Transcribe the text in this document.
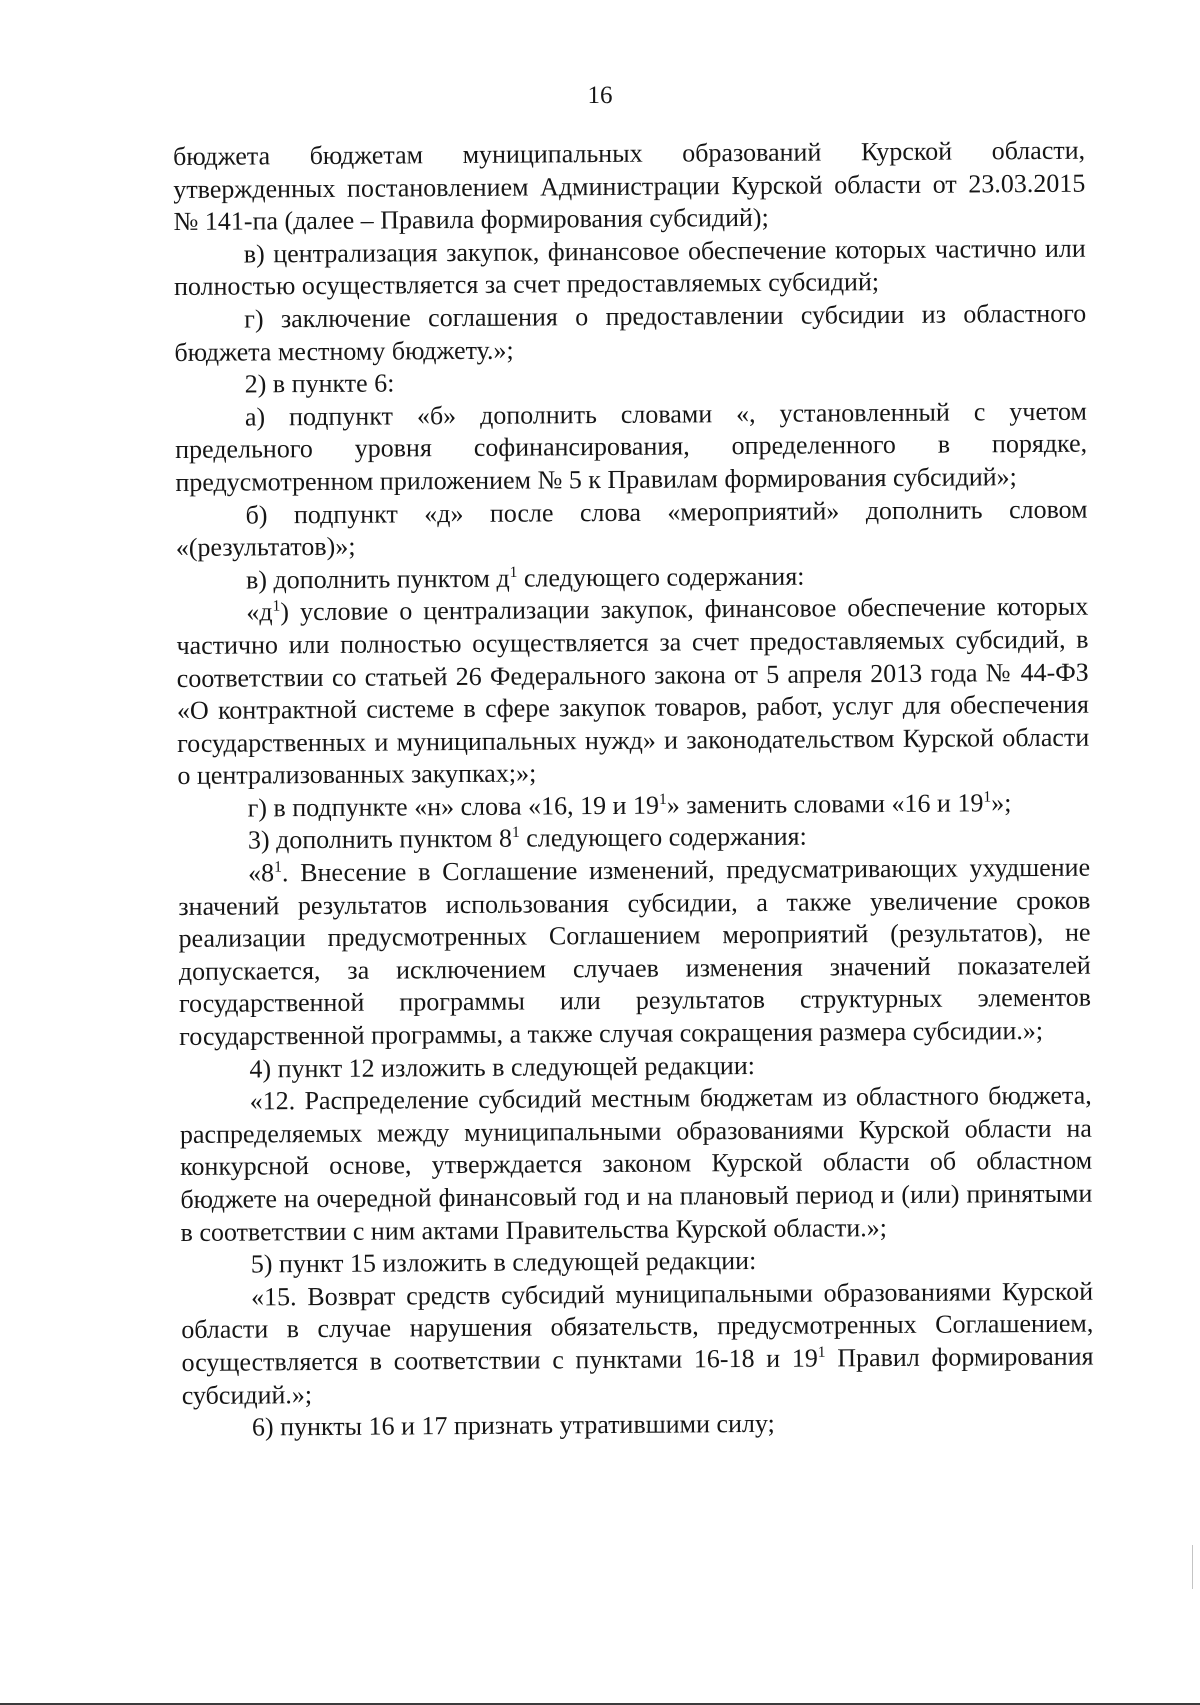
16

бюджета бюджетам муниципальных образований Курской области, утвержденных постановлением Администрации Курской области от 23.03.2015 № 141-па (далее – Правила формирования субсидий);

в) централизация закупок, финансовое обеспечение которых частично или полностью осуществляется за счет предоставляемых субсидий;

г) заключение соглашения о предоставлении субсидии из областного бюджета местному бюджету.»;

2) в пункте 6:

а) подпункт «б» дополнить словами «, установленный с учетом предельного уровня софинансирования, определенного в порядке, предусмотренном приложением № 5 к Правилам формирования субсидий»;

б) подпункт «д» после слова «мероприятий» дополнить словом «(результатов)»;

в) дополнить пунктом $д^1$ следующего содержания:

«$д^1$) условие о централизации закупок, финансовое обеспечение которых частично или полностью осуществляется за счет предоставляемых субсидий, в соответствии со статьей 26 Федерального закона от 5 апреля 2013 года № 44-ФЗ «О контрактной системе в сфере закупок товаров, работ, услуг для обеспечения государственных и муниципальных нужд» и законодательством Курской области о централизованных закупках;»;

г) в подпункте «н» слова «16, 19 и $19^1$» заменить словами «16 и $19^1$»;

3) дополнить пунктом $8^1$ следующего содержания:

«$8^1$. Внесение в Соглашение изменений, предусматривающих ухудшение значений результатов использования субсидии, а также увеличение сроков реализации предусмотренных Соглашением мероприятий (результатов), не допускается, за исключением случаев изменения значений показателей государственной программы или результатов структурных элементов государственной программы, а также случая сокращения размера субсидии.»;

4) пункт 12 изложить в следующей редакции:

«12. Распределение субсидий местным бюджетам из областного бюджета, распределяемых между муниципальными образованиями Курской области на конкурсной основе, утверждается законом Курской области об областном бюджете на очередной финансовый год и на плановый период и (или) принятыми в соответствии с ним актами Правительства Курской области.»;

5) пункт 15 изложить в следующей редакции:

«15. Возврат средств субсидий муниципальными образованиями Курской области в случае нарушения обязательств, предусмотренных Соглашением, осуществляется в соответствии с пунктами 16-18 и $19^1$ Правил формирования субсидий.»;

6) пункты 16 и 17 признать утратившими силу;
